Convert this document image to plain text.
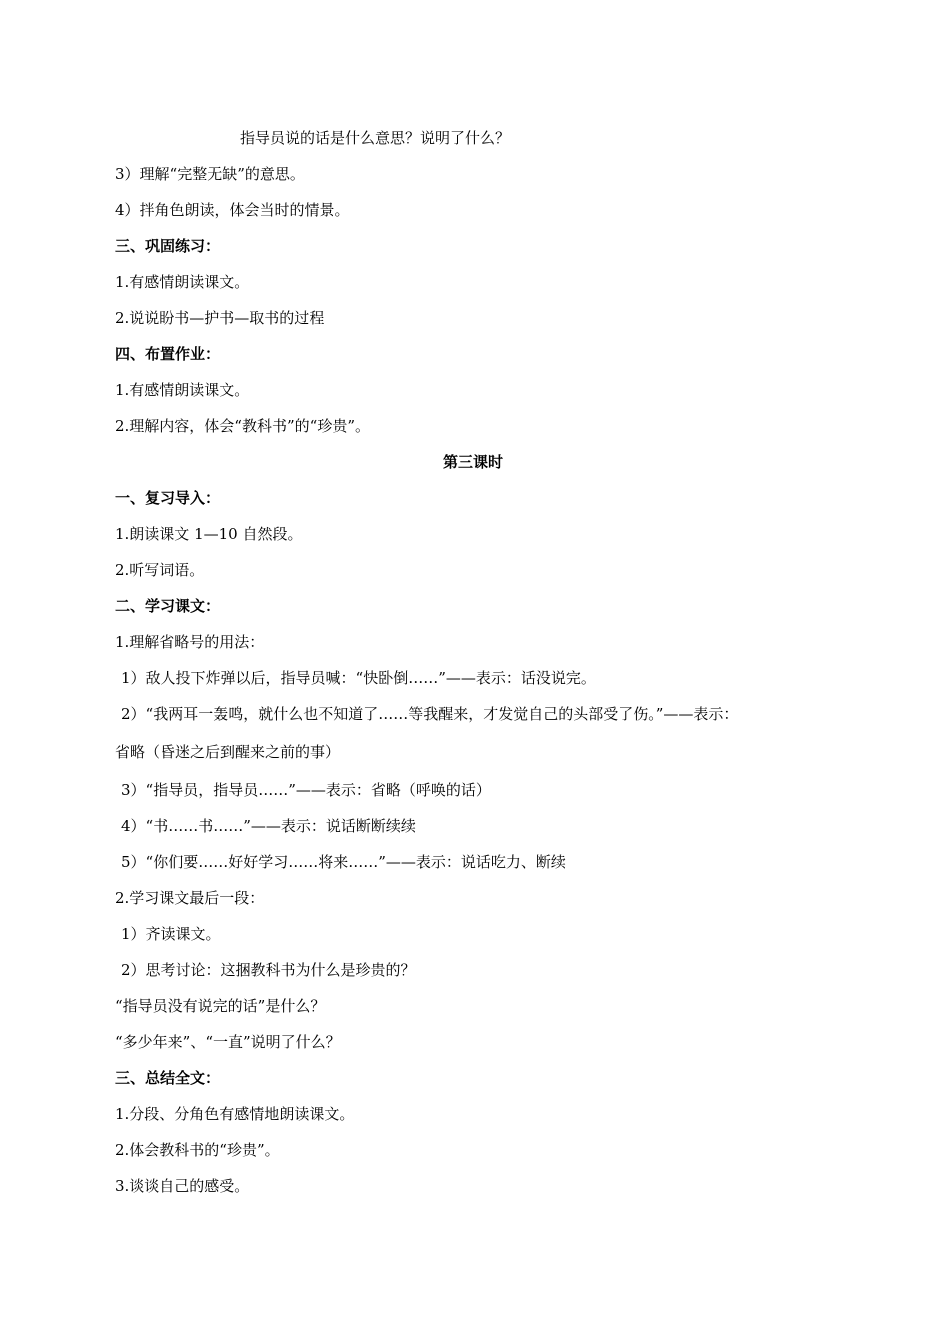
指导员说的话是什么意思？说明了什么？
3）理解“完整无缺”的意思。
4）拌角色朗读，体会当时的情景。
三、巩固练习：
1.有感情朗读课文。
2.说说盼书—护书—取书的过程
四、布置作业：
1.有感情朗读课文。
2.理解内容，体会“教科书”的“珍贵”。
第三课时
一、复习导入：
1.朗读课文 1—10 自然段。
2.听写词语。
二、学习课文：
1.理解省略号的用法：
1）敌人投下炸弹以后，指导员喊：“快卧倒……”——表示：话没说完。
2）“我两耳一轰鸣，就什么也不知道了……等我醒来，才发觉自己的头部受了伤。”——表示：
省略（昏迷之后到醒来之前的事）
3）“指导员，指导员……”——表示：省略（呼唤的话）
4）“书……书……”——表示：说话断断续续
5）“你们要……好好学习……将来……”——表示：说话吃力、断续
2.学习课文最后一段：
1）齐读课文。
2）思考讨论：这捆教科书为什么是珍贵的？
“指导员没有说完的话”是什么？
“多少年来”、“一直”说明了什么？
三、总结全文：
1.分段、分角色有感情地朗读课文。
2.体会教科书的“珍贵”。
3.谈谈自己的感受。
